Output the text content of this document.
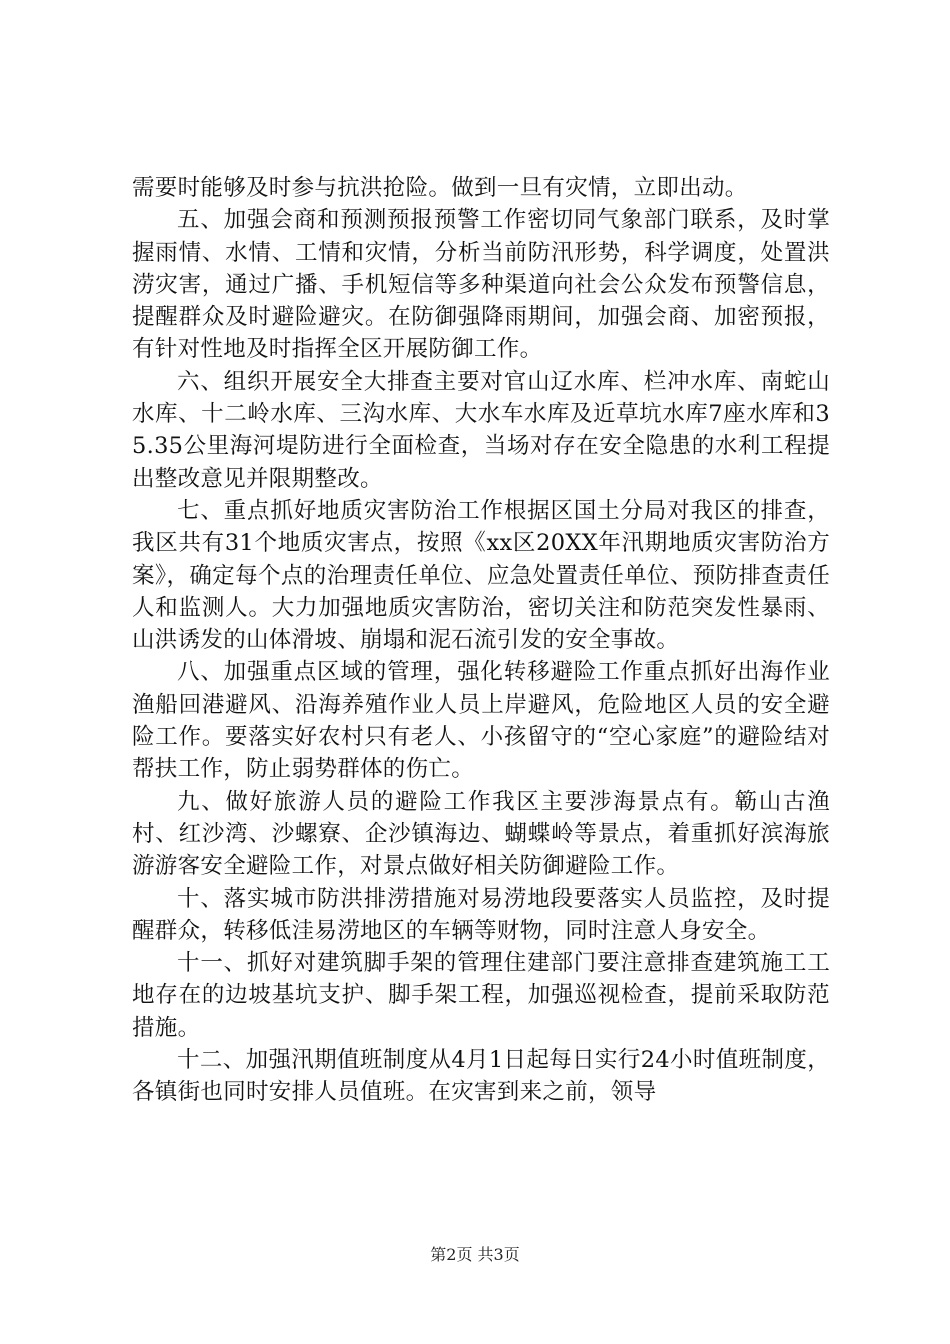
需要时能够及时参与抗洪抢险。做到一旦有灾情，立即出动。

五、加强会商和预测预报预警工作密切同气象部门联系，及时掌握雨情、水情、工情和灾情，分析当前防汛形势，科学调度，处置洪涝灾害，通过广播、手机短信等多种渠道向社会公众发布预警信息，提醒群众及时避险避灾。在防御强降雨期间，加强会商、加密预报，有针对性地及时指挥全区开展防御工作。

六、组织开展安全大排查主要对官山辽水库、栏冲水库、南蛇山水库、十二岭水库、三沟水库、大水车水库及近草坑水库7座水库和35.35公里海河堤防进行全面检查，当场对存在安全隐患的水利工程提出整改意见并限期整改。

七、重点抓好地质灾害防治工作根据区国土分局对我区的排查，我区共有31个地质灾害点，按照《xx区20XX年汛期地质灾害防治方案》，确定每个点的治理责任单位、应急处置责任单位、预防排查责任人和监测人。大力加强地质灾害防治，密切关注和防范突发性暴雨、山洪诱发的山体滑坡、崩塌和泥石流引发的安全事故。

八、加强重点区域的管理，强化转移避险工作重点抓好出海作业渔船回港避风、沿海养殖作业人员上岸避风，危险地区人员的安全避险工作。要落实好农村只有老人、小孩留守的“空心家庭”的避险结对帮扶工作，防止弱势群体的伤亡。

九、做好旅游人员的避险工作我区主要涉海景点有。簕山古渔村、红沙湾、沙螺寮、企沙镇海边、蝴蝶岭等景点，着重抓好滨海旅游游客安全避险工作，对景点做好相关防御避险工作。

十、落实城市防洪排涝措施对易涝地段要落实人员监控，及时提醒群众，转移低洼易涝地区的车辆等财物，同时注意人身安全。

十一、抓好对建筑脚手架的管理住建部门要注意排查建筑施工工地存在的边坡基坑支护、脚手架工程，加强巡视检查，提前采取防范措施。

十二、加强汛期值班制度从4月1日起每日实行24小时值班制度，各镇街也同时安排人员值班。在灾害到来之前，领导

第2页 共3页
